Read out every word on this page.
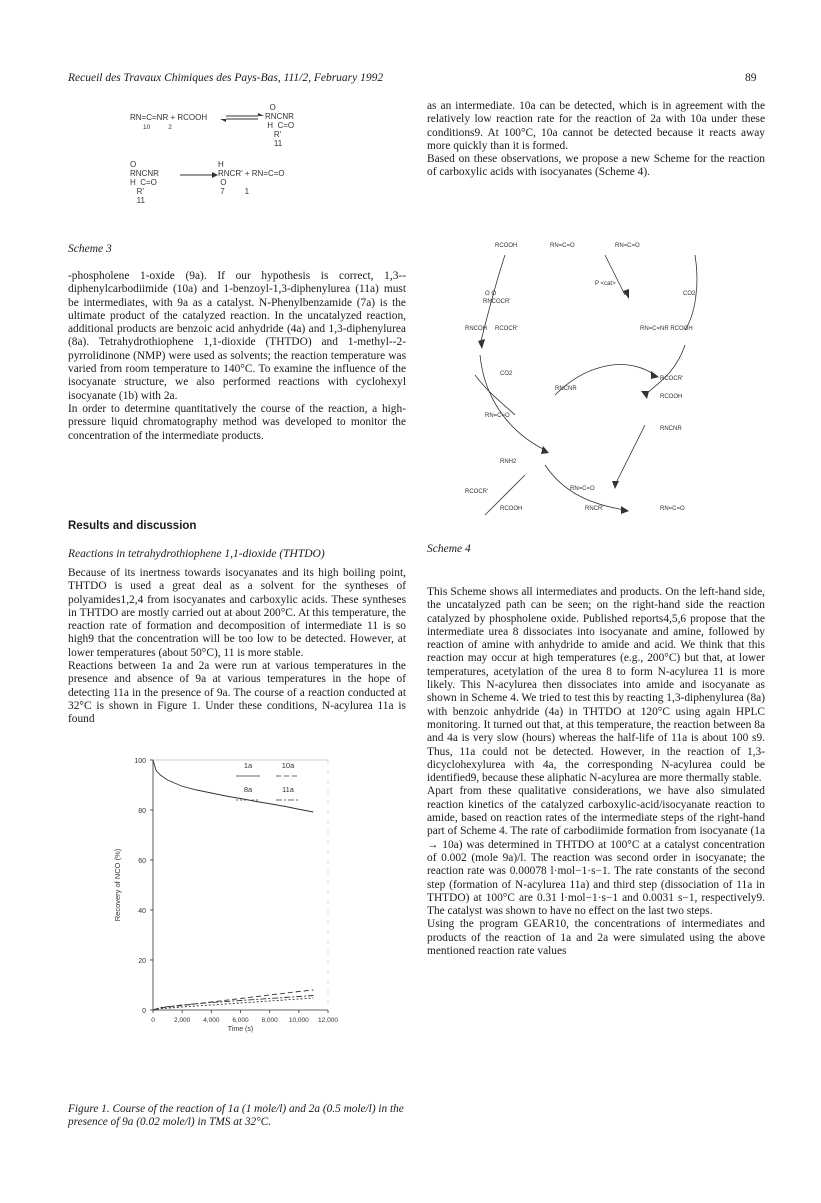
Recueil des Travaux Chimiques des Pays-Bas, 111/2, February 1992	89
RN=C=NR + RCOOH
10          2
O
RNCNR
H  C=O
R'
11
O
RNCNR
H  C=O
R'
11
H
RNCR' + RN=C=O
O
7         1
Scheme 3

-phospholene 1-oxide (9a). If our hypothesis is correct, 1,3--diphenylcarbodiimide (10a) and 1-benzoyl-1,3-diphenylurea (11a) must be intermediates, with 9a as a catalyst. N-Phenylbenzamide (7a) is the ultimate product of the catalyzed reaction. In the uncatalyzed reaction, additional products are benzoic acid anhydride (4a) and 1,3-diphenylurea (8a). Tetrahydrothiophene 1,1-dioxide (THTDO) and 1-methyl--2-pyrrolidinone (NMP) were used as solvents; the reaction temperature was varied from room temperature to 140°C. To examine the influence of the isocyanate structure, we also performed reactions with cyclohexyl isocyanate (1b) with 2a.

In order to determine quantitatively the course of the reaction, a high-pressure liquid chromatography method was developed to monitor the concentration of the intermediate products.

Results and discussion
Reactions in tetrahydrothiophene 1,1-dioxide (THTDO)

Because of its inertness towards isocyanates and its high boiling point, THTDO is used a great deal as a solvent for the syntheses of polyamides1,2,4 from isocyanates and carboxylic acids. These syntheses in THTDO are mostly carried out at about 200°C. At this temperature, the reaction rate of formation and decomposition of intermediate 11 is so high9 that the concentration will be too low to be detected. However, at lower temperatures (about 50°C), 11 is more stable.

Reactions between 1a and 2a were run at various temperatures in the presence and absence of 9a at various temperatures in the hope of detecting 11a in the presence of 9a. The course of a reaction conducted at 32°C is shown in Figure 1. Under these conditions, N-acylurea 11a is found

0
20
40
60
80
100
0	2,000 4,000 6,000 8,000 10,000 12,000
Time (s)
Recovery of NCO (%)
1a	10a
8a	11a
Figure 1. Course of the reaction of 1a (1 mole/l) and 2a (0.5 mole/l) in the presence of 9a (0.02 mole/l) in TMS at 32°C.

as an intermediate. 10a can be detected, which is in agreement with the relatively low reaction rate for the reaction of 2a with 10a under these conditions9. At 100°C, 10a cannot be detected because it reacts away more quickly than it is formed.

Based on these observations, we propose a new Scheme for the reaction of carboxylic acids with isocyanates (Scheme 4).

RCOOH	RN=C=O	RN=C=O
P <cat>
CO2
RN=C=NR RCOOH
CO2
RN=C=O
RNH2
RCOOH
RN=C=O
RN=C=O
RCOOH
O O
RNCOCR'
RNCOH RCOCR'
RNCNR
RCOCR'
RNCNR
RCOCR'
RNCR'
Scheme 4

This Scheme shows all intermediates and products. On the left-hand side, the uncatalyzed path can be seen; on the right-hand side the reaction catalyzed by phospholene oxide. Published reports4,5,6 propose that the intermediate urea 8 dissociates into isocyanate and amine, followed by reaction of amine with anhydride to amide and acid. We think that this reaction may occur at high temperatures (e.g., 200°C) but that, at lower temperatures, acetylation of the urea 8 to form N-acylurea 11 is more likely. This N-acylurea then dissociates into amide and isocyanate as shown in Scheme 4. We tried to test this by reacting 1,3-diphenylurea (8a) with benzoic anhydride (4a) in THTDO at 120°C using again HPLC monitoring. It turned out that, at this temperature, the reaction between 8a and 4a is very slow (hours) whereas the half-life of 11a is about 100 s9. Thus, 11a could not be detected. However, in the reaction of 1,3-dicyclohexylurea with 4a, the corresponding N-acylurea could be identified9, because these aliphatic N-acylurea are more thermally stable.

Apart from these qualitative considerations, we have also simulated reaction kinetics of the catalyzed carboxylic-acid/isocyanate reaction to amide, based on reaction rates of the intermediate steps of the right-hand part of Scheme 4. The rate of carbodiimide formation from isocyanate (1a → 10a) was determined in THTDO at 100°C at a catalyst concentration of 0.002 (mole 9a)/l. The reaction was second order in isocyanate; the reaction rate was 0.00078 l·mol−1·s−1. The rate constants of the second step (formation of N-acylurea 11a) and third step (dissociation of 11a in THTDO) at 100°C are 0.31 l·mol−1·s−1 and 0.0031 s−1, respectively9. The catalyst was shown to have no effect on the last two steps.

Using the program GEAR10, the concentrations of intermediates and products of the reaction of 1a and 2a were simulated using the above mentioned reaction rate values
